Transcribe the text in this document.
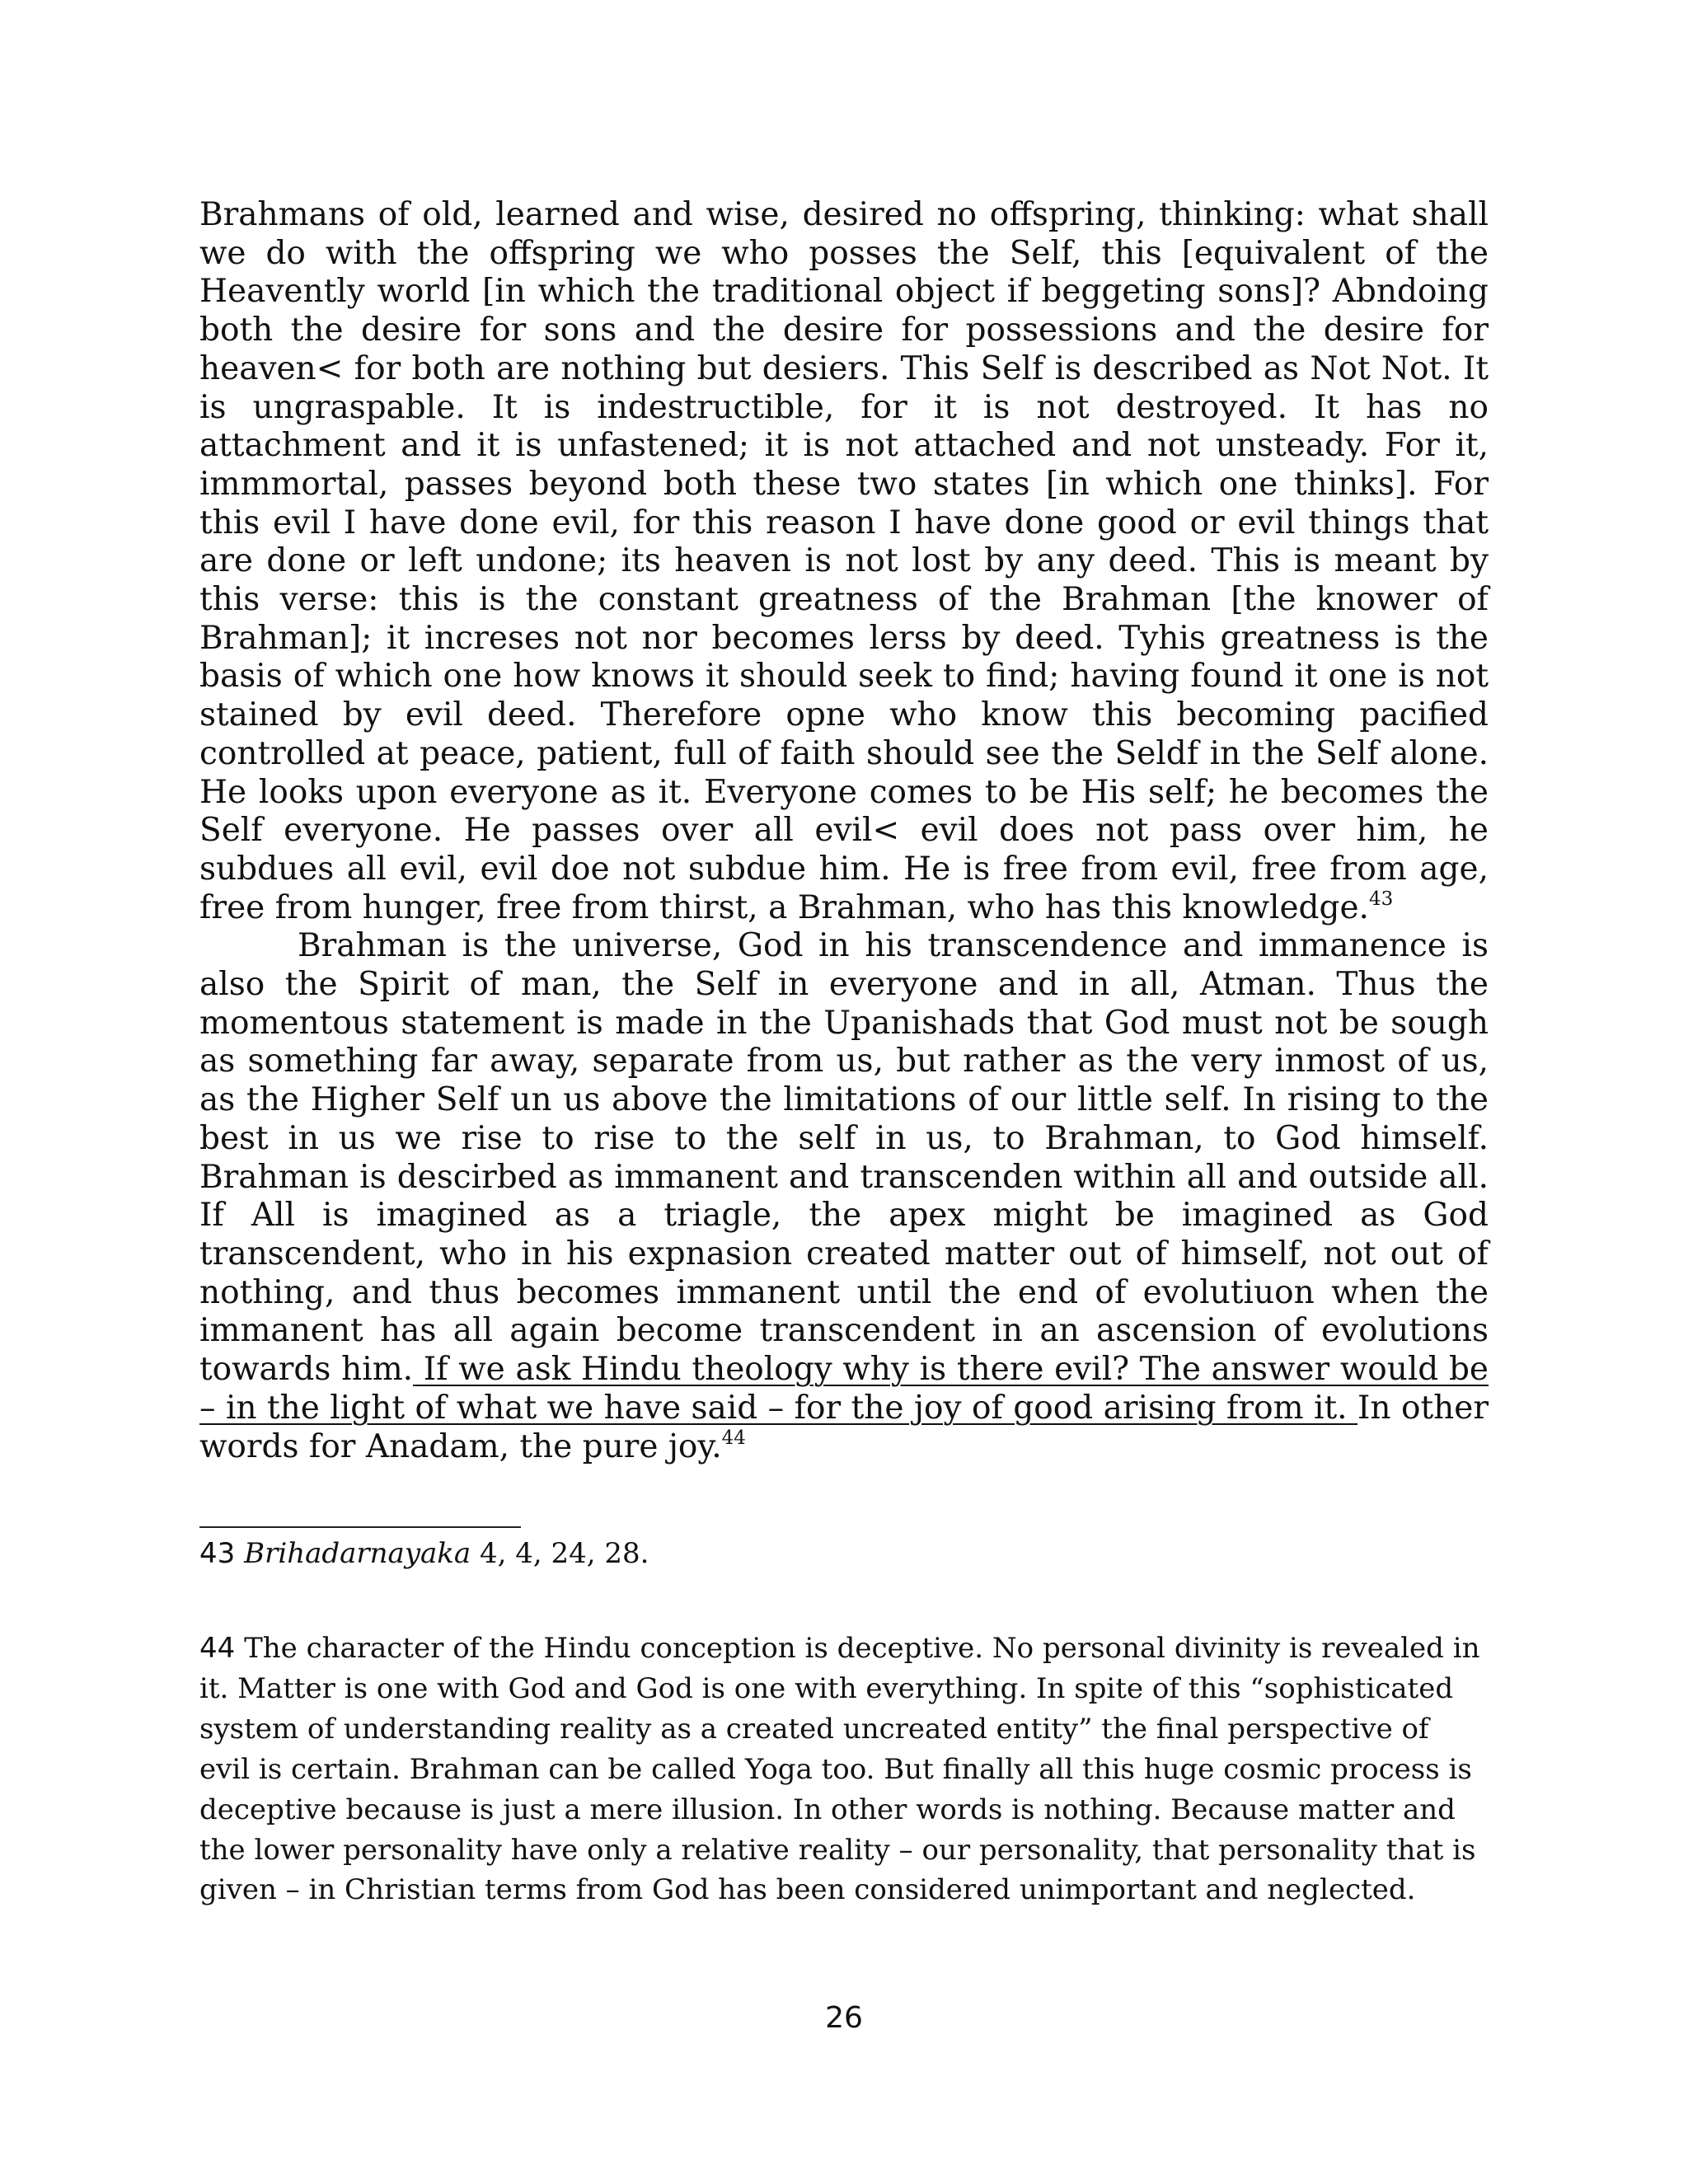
Brahmans of old, learned and wise, desired no offspring, thinking: what shall we do with the offspring we who posses the Self, this [equivalent of the Heavently world [in which the traditional object if beggeting sons]? Abndoing both the desire for sons and the desire for possessions and the desire for heaven< for both are nothing but desiers. This Self is described as Not Not. It is ungraspable. It is indestructible, for it is not destroyed. It has no attachment and it is unfastened; it is not attached and not unsteady. For it, immmortal, passes beyond both these two states [in which one thinks]. For this evil I have done evil, for this reason I have done good or evil things that are done or left undone; its heaven is not lost by any deed. This is meant by this verse: this is the constant greatness of the Brahman [the knower of Brahman]; it increses not nor becomes lerss by deed. Tyhis greatness is the basis of which one how knows it should seek to find; having found it one is not stained by evil deed. Therefore opne who know this becoming pacified controlled at peace, patient, full of faith should see the Seldf in the Self alone. He looks upon everyone as it. Everyone comes to be His self; he becomes the Self everyone. He passes over all evil< evil does not pass over him, he subdues all evil, evil doe not subdue him. He is free from evil, free from age, free from hunger, free from thirst, a Brahman, who has this knowledge.$^{43}$

Brahman is the universe, God in his transcendence and immanence is also the Spirit of man, the Self in everyone and in all, Atman. Thus the momentous statement is made in the Upanishads that God must not be sough as something far away, separate from us, but rather as the very inmost of us, as the Higher Self un us above the limitations of our little self. In rising to the best in us we rise to rise to the self in us, to Brahman, to God himself. Brahman is descirbed as immanent and transcenden within all and outside all. If All is imagined as a triagle, the apex might be imagined as God transcendent, who in his expnasion created matter out of himself, not out of nothing, and thus becomes immanent until the end of evolutiuon when the immanent has all again become transcendent in an ascension of evolutions towards him. If we ask Hindu theology why is there evil? The answer would be – in the light of what we have said – for the joy of good arising from it. In other words for Anadam, the pure joy.$^{44}$

43 Brihadarnayaka 4, 4, 24, 28.

44 The character of the Hindu conception is deceptive. No personal divinity is revealed in it. Matter is one with God and God is one with everything. In spite of this “sophisticated system of understanding reality as a created uncreated entity” the final perspective of evil is certain. Brahman can be called Yoga too. But finally all this huge cosmic process is deceptive because is just a mere illusion. In other words is nothing. Because matter and the lower personality have only a relative reality – our personality, that personality that is given – in Christian terms from God has been considered unimportant and neglected.

26
